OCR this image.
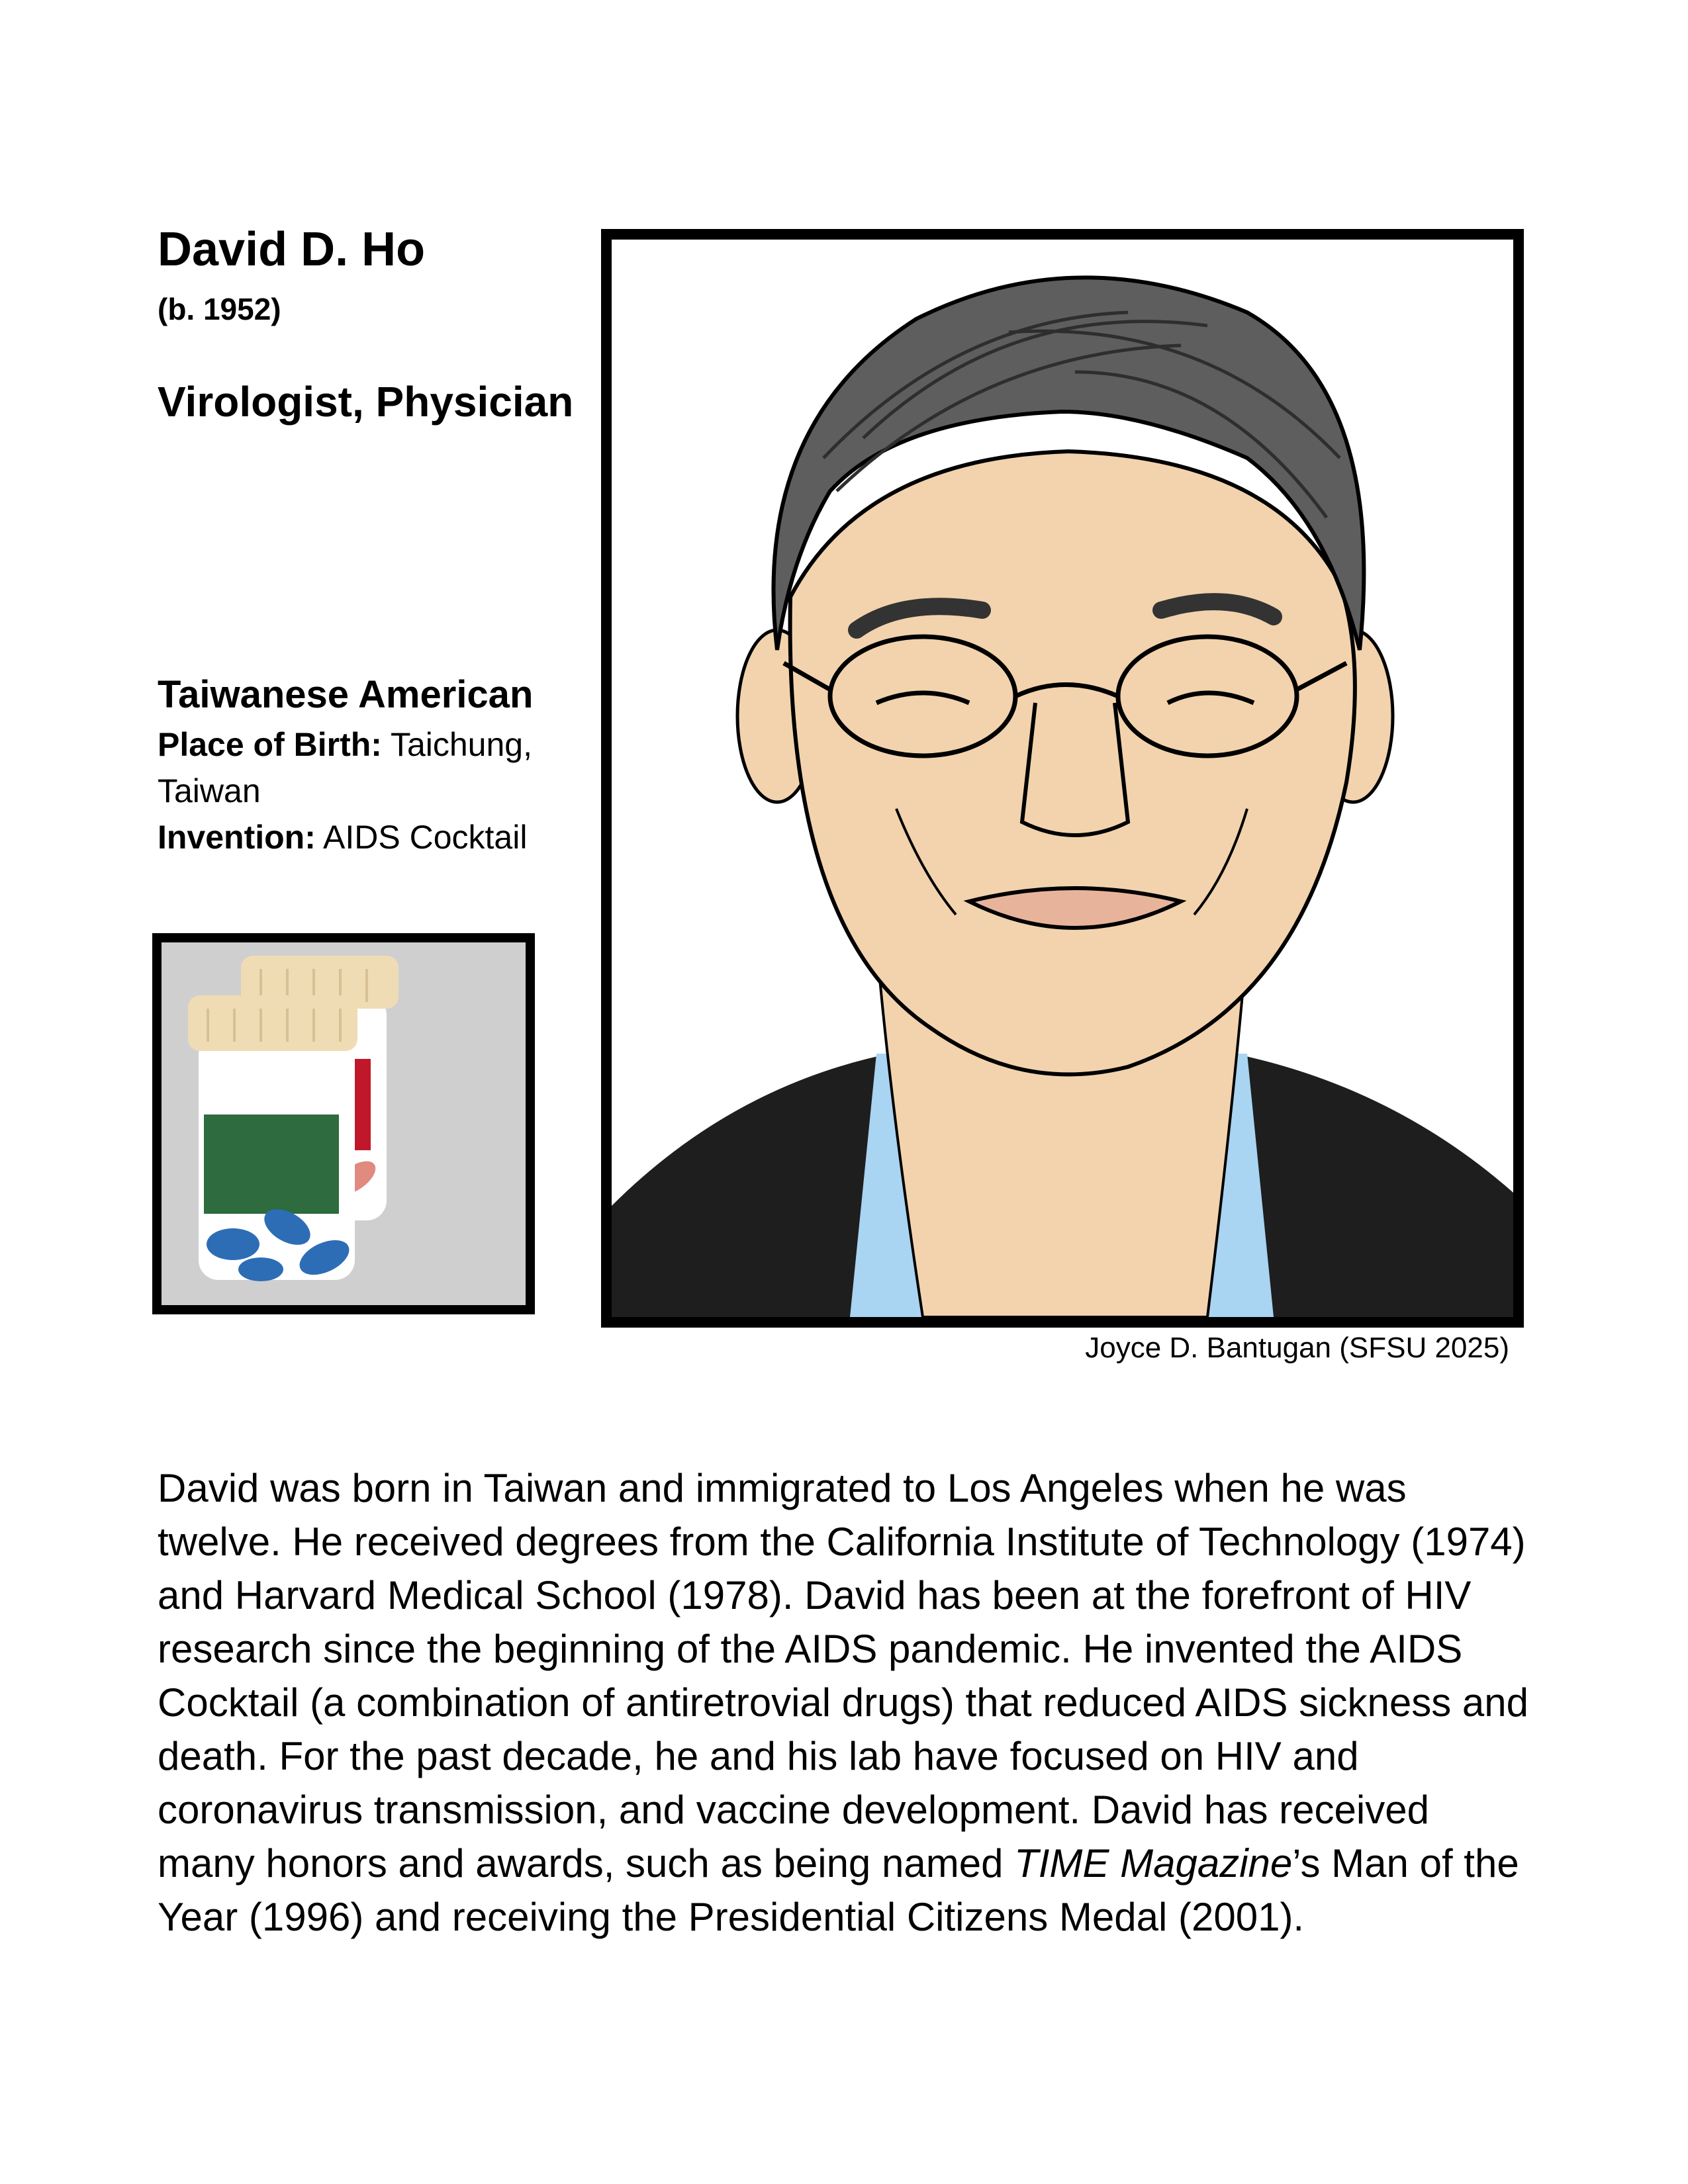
David D. Ho
(b. 1952)
Virologist, Physician
Taiwanese American
Place of Birth: Taichung, Taiwan
Invention: AIDS Cocktail
Joyce D. Bantugan (SFSU 2025)
David was born in Taiwan and immigrated to Los Angeles when he was twelve. He received degrees from the California Institute of Technology (1974) and Harvard Medical School (1978). David has been at the forefront of HIV research since the beginning of the AIDS pandemic. He invented the AIDS Cocktail (a combination of antiretrovial drugs) that reduced AIDS sickness and death. For the past decade, he and his lab have focused on HIV and coronavirus transmission, and vaccine development. David has received many honors and awards, such as being named TIME Magazine’s Man of the Year (1996) and receiving the Presidential Citizens Medal (2001).
